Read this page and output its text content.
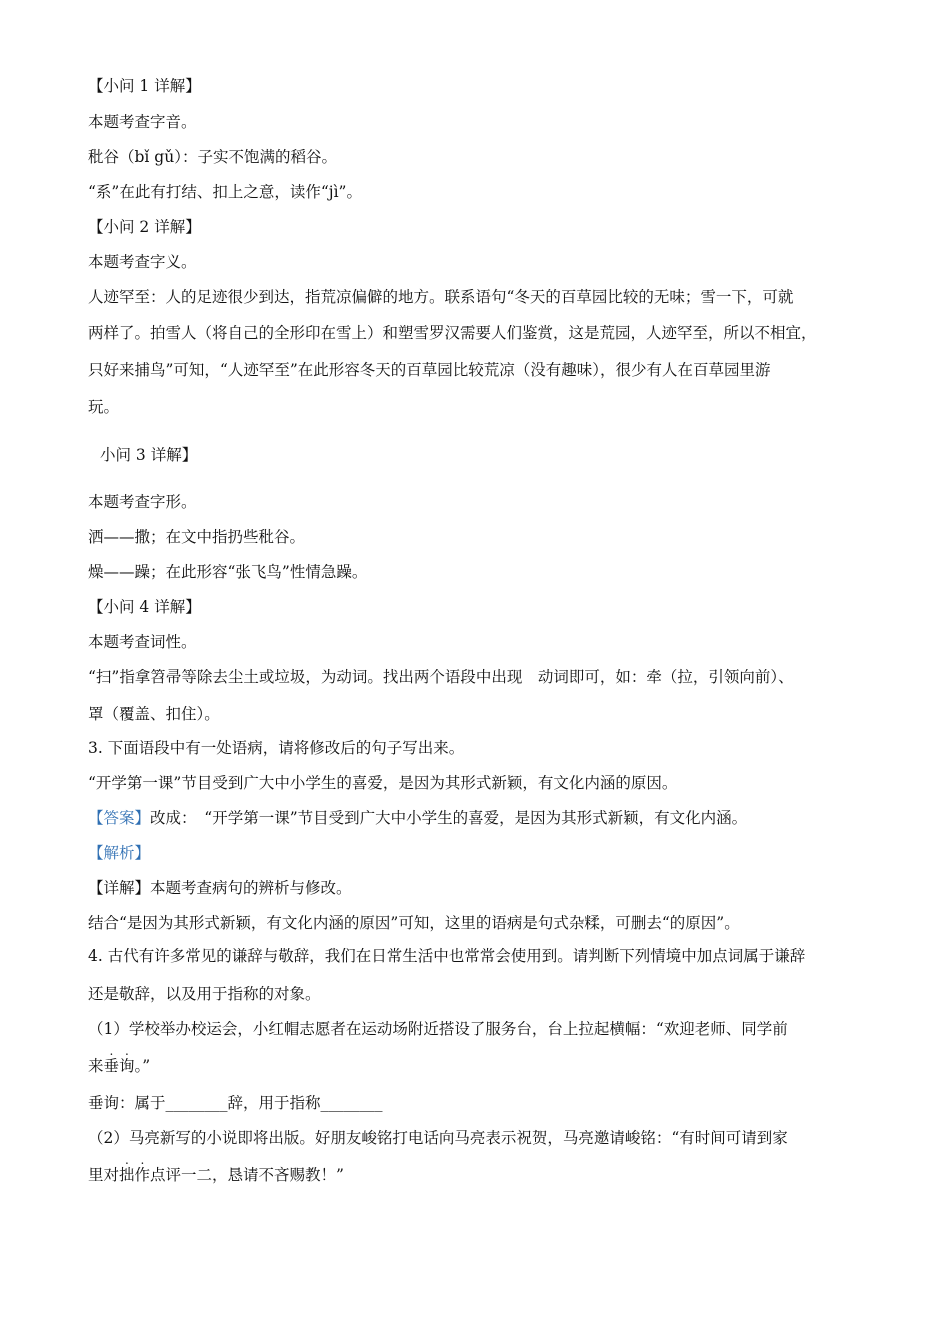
【小问 1 详解】
本题考查字音。
秕谷（bǐ gǔ）：子实不饱满的稻谷。
“系”在此有打结、扣上之意，读作“jì”。
【小问 2 详解】
本题考查字义。
人迹罕至：人的足迹很少到达，指荒凉偏僻的地方。联系语句“冬天的百草园比较的无味；雪一下，可就
两样了。拍雪人（将自己的全形印在雪上）和塑雪罗汉需要人们鉴赏，这是荒园，人迹罕至，所以不相宜，
只好来捕鸟”可知，“人迹罕至”在此形容冬天的百草园比较荒凉（没有趣味），很少有人在百草园里游
玩。
小问 3 详解】
本题考查字形。
洒——撒；在文中指扔些秕谷。
燥——躁；在此形容“张飞鸟”性情急躁。
【小问 4 详解】
本题考查词性。
“扫”指拿笤帚等除去尘土或垃圾，为动词。找出两个语段中出现　动词即可，如：牵（拉，引领向前）、
罩（覆盖、扣住）。
3. 下面语段中有一处语病，请将修改后的句子写出来。
“开学第一课”节目受到广大中小学生的喜爱，是因为其形式新颖，有文化内涵的原因。
【答案】改成：　“开学第一课”节目受到广大中小学生的喜爱，是因为其形式新颖，有文化内涵。
【解析】
【详解】本题考查病句的辨析与修改。
结合“是因为其形式新颖，有文化内涵的原因”可知，这里的语病是句式杂糅，可删去“的原因”。
4. 古代有许多常见的谦辞与敬辞，我们在日常生活中也常常会使用到。请判断下列情境中加点词属于谦辞
还是敬辞，以及用于指称的对象。
（1）学校举办校运会，小红帽志愿者在运动场附近搭设了服务台，台上拉起横幅：“欢迎老师、同学前
来
.
垂
.
询。”
垂询：属于________辞，用于指称________
（2）马亮新写的小说即将出版。好朋友峻铭打电话向马亮表示祝贺，马亮邀请峻铭：“有时间可请到家
里对
.
拙
.
作点评一二，恳请不吝赐教！”
